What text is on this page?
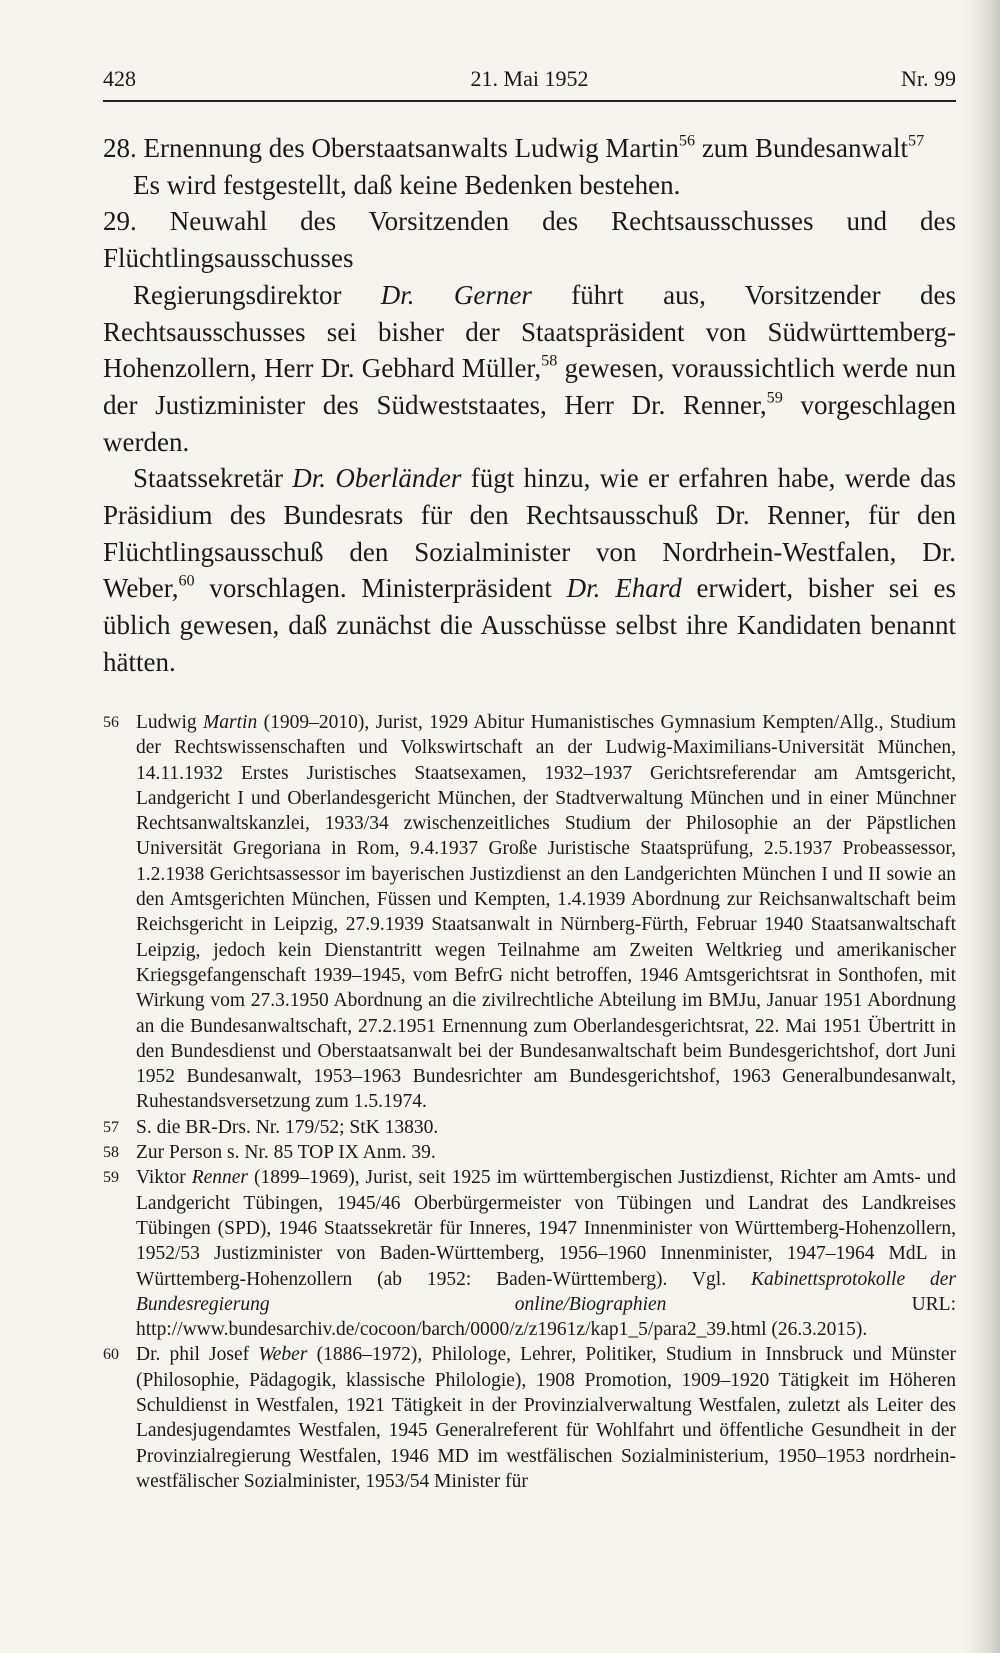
428	21. Mai 1952	Nr. 99

28. Ernennung des Oberstaatsanwalts Ludwig Martin$^{56}$ zum Bundesanwalt$^{57}$

Es wird festgestellt, daß keine Bedenken bestehen.

29. Neuwahl des Vorsitzenden des Rechtsausschusses und des Flüchtlingsausschusses

Regierungsdirektor Dr. Gerner führt aus, Vorsitzender des Rechtsausschusses sei bisher der Staatspräsident von Südwürttemberg-Hohenzollern, Herr Dr. Gebhard Müller,$^{58}$ gewesen, voraussichtlich werde nun der Justizminister des Südweststaates, Herr Dr. Renner,$^{59}$ vorgeschlagen werden.

Staatssekretär Dr. Oberländer fügt hinzu, wie er erfahren habe, werde das Präsidium des Bundesrats für den Rechtsausschuß Dr. Renner, für den Flüchtlingsausschuß den Sozialminister von Nordrhein-Westfalen, Dr. Weber,$^{60}$ vorschlagen. Ministerpräsident Dr. Ehard erwidert, bisher sei es üblich gewesen, daß zunächst die Ausschüsse selbst ihre Kandidaten benannt hätten.

56 Ludwig Martin (1909–2010), Jurist, 1929 Abitur Humanistisches Gymnasium Kempten/Allg., Studium der Rechtswissenschaften und Volkswirtschaft an der Ludwig-Maximilians-Universität München, 14.11.1932 Erstes Juristisches Staatsexamen, 1932–1937 Gerichtsreferendar am Amtsgericht, Landgericht I und Oberlandesgericht München, der Stadtverwaltung München und in einer Münchner Rechtsanwaltskanzlei, 1933/34 zwischenzeitliches Studium der Philosophie an der Päpstlichen Universität Gregoriana in Rom, 9.4.1937 Große Juristische Staatsprüfung, 2.5.1937 Probeassessor, 1.2.1938 Gerichtsassessor im bayerischen Justizdienst an den Landgerichten München I und II sowie an den Amtsgerichten München, Füssen und Kempten, 1.4.1939 Abordnung zur Reichsanwaltschaft beim Reichsgericht in Leipzig, 27.9.1939 Staatsanwalt in Nürnberg-Fürth, Februar 1940 Staatsanwaltschaft Leipzig, jedoch kein Dienstantritt wegen Teilnahme am Zweiten Weltkrieg und amerikanischer Kriegsgefangenschaft 1939–1945, vom BefrG nicht betroffen, 1946 Amtsgerichtsrat in Sonthofen, mit Wirkung vom 27.3.1950 Abordnung an die zivilrechtliche Abteilung im BMJu, Januar 1951 Abordnung an die Bundesanwaltschaft, 27.2.1951 Ernennung zum Oberlandesgerichtsrat, 22. Mai 1951 Übertritt in den Bundesdienst und Oberstaatsanwalt bei der Bundesanwaltschaft beim Bundesgerichtshof, dort Juni 1952 Bundesanwalt, 1953–1963 Bundesrichter am Bundesgerichtshof, 1963 Generalbundesanwalt, Ruhestandsversetzung zum 1.5.1974.

57 S. die BR-Drs. Nr. 179/52; StK 13830.

58 Zur Person s. Nr. 85 TOP IX Anm. 39.

59 Viktor Renner (1899–1969), Jurist, seit 1925 im württembergischen Justizdienst, Richter am Amts- und Landgericht Tübingen, 1945/46 Oberbürgermeister von Tübingen und Landrat des Landkreises Tübingen (SPD), 1946 Staatssekretär für Inneres, 1947 Innenminister von Württemberg-Hohenzollern, 1952/53 Justizminister von Baden-Württemberg, 1956–1960 Innenminister, 1947–1964 MdL in Württemberg-Hohenzollern (ab 1952: Baden-Württemberg). Vgl. Kabinettsprotokolle der Bundesregierung online/Biographien URL: http://www.bundesarchiv.de/cocoon/barch/0000/z/z1961z/kap1_5/para2_39.html (26.3.2015).

60 Dr. phil Josef Weber (1886–1972), Philologe, Lehrer, Politiker, Studium in Innsbruck und Münster (Philosophie, Pädagogik, klassische Philologie), 1908 Promotion, 1909–1920 Tätigkeit im Höheren Schuldienst in Westfalen, 1921 Tätigkeit in der Provinzialverwaltung Westfalen, zuletzt als Leiter des Landesjugendamtes Westfalen, 1945 Generalreferent für Wohlfahrt und öffentliche Gesundheit in der Provinzialregierung Westfalen, 1946 MD im westfälischen Sozialministerium, 1950–1953 nordrhein-westfälischer Sozialminister, 1953/54 Minister für
